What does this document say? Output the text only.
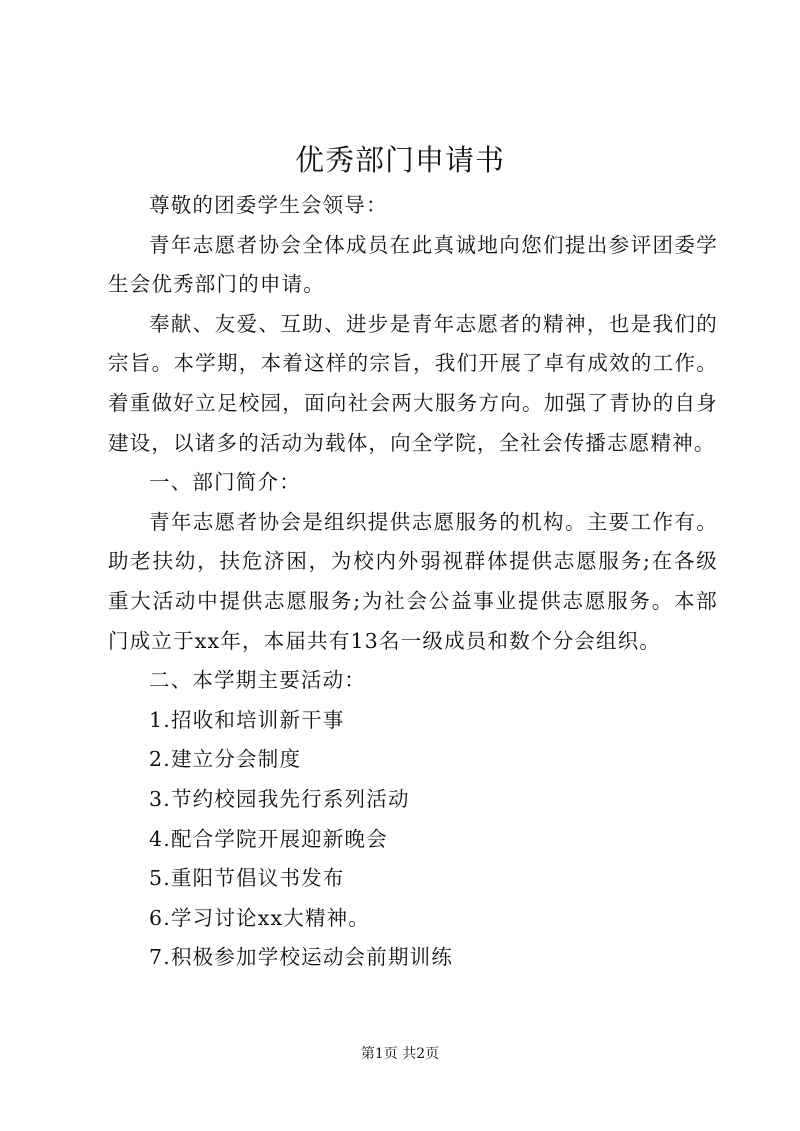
优秀部门申请书

尊敬的团委学生会领导：

青年志愿者协会全体成员在此真诚地向您们提出参评团委学生会优秀部门的申请。

奉献、友爱、互助、进步是青年志愿者的精神，也是我们的宗旨。本学期，本着这样的宗旨，我们开展了卓有成效的工作。着重做好立足校园，面向社会两大服务方向。加强了青协的自身建设，以诸多的活动为载体，向全学院，全社会传播志愿精神。

一、部门简介：

青年志愿者协会是组织提供志愿服务的机构。主要工作有。助老扶幼，扶危济困，为校内外弱视群体提供志愿服务;在各级重大活动中提供志愿服务;为社会公益事业提供志愿服务。本部门成立于xx年，本届共有13名一级成员和数个分会组织。

二、本学期主要活动：

1.招收和培训新干事

2.建立分会制度

3.节约校园我先行系列活动

4.配合学院开展迎新晚会

5.重阳节倡议书发布

6.学习讨论xx大精神。

7.积极参加学校运动会前期训练

第1页 共2页
